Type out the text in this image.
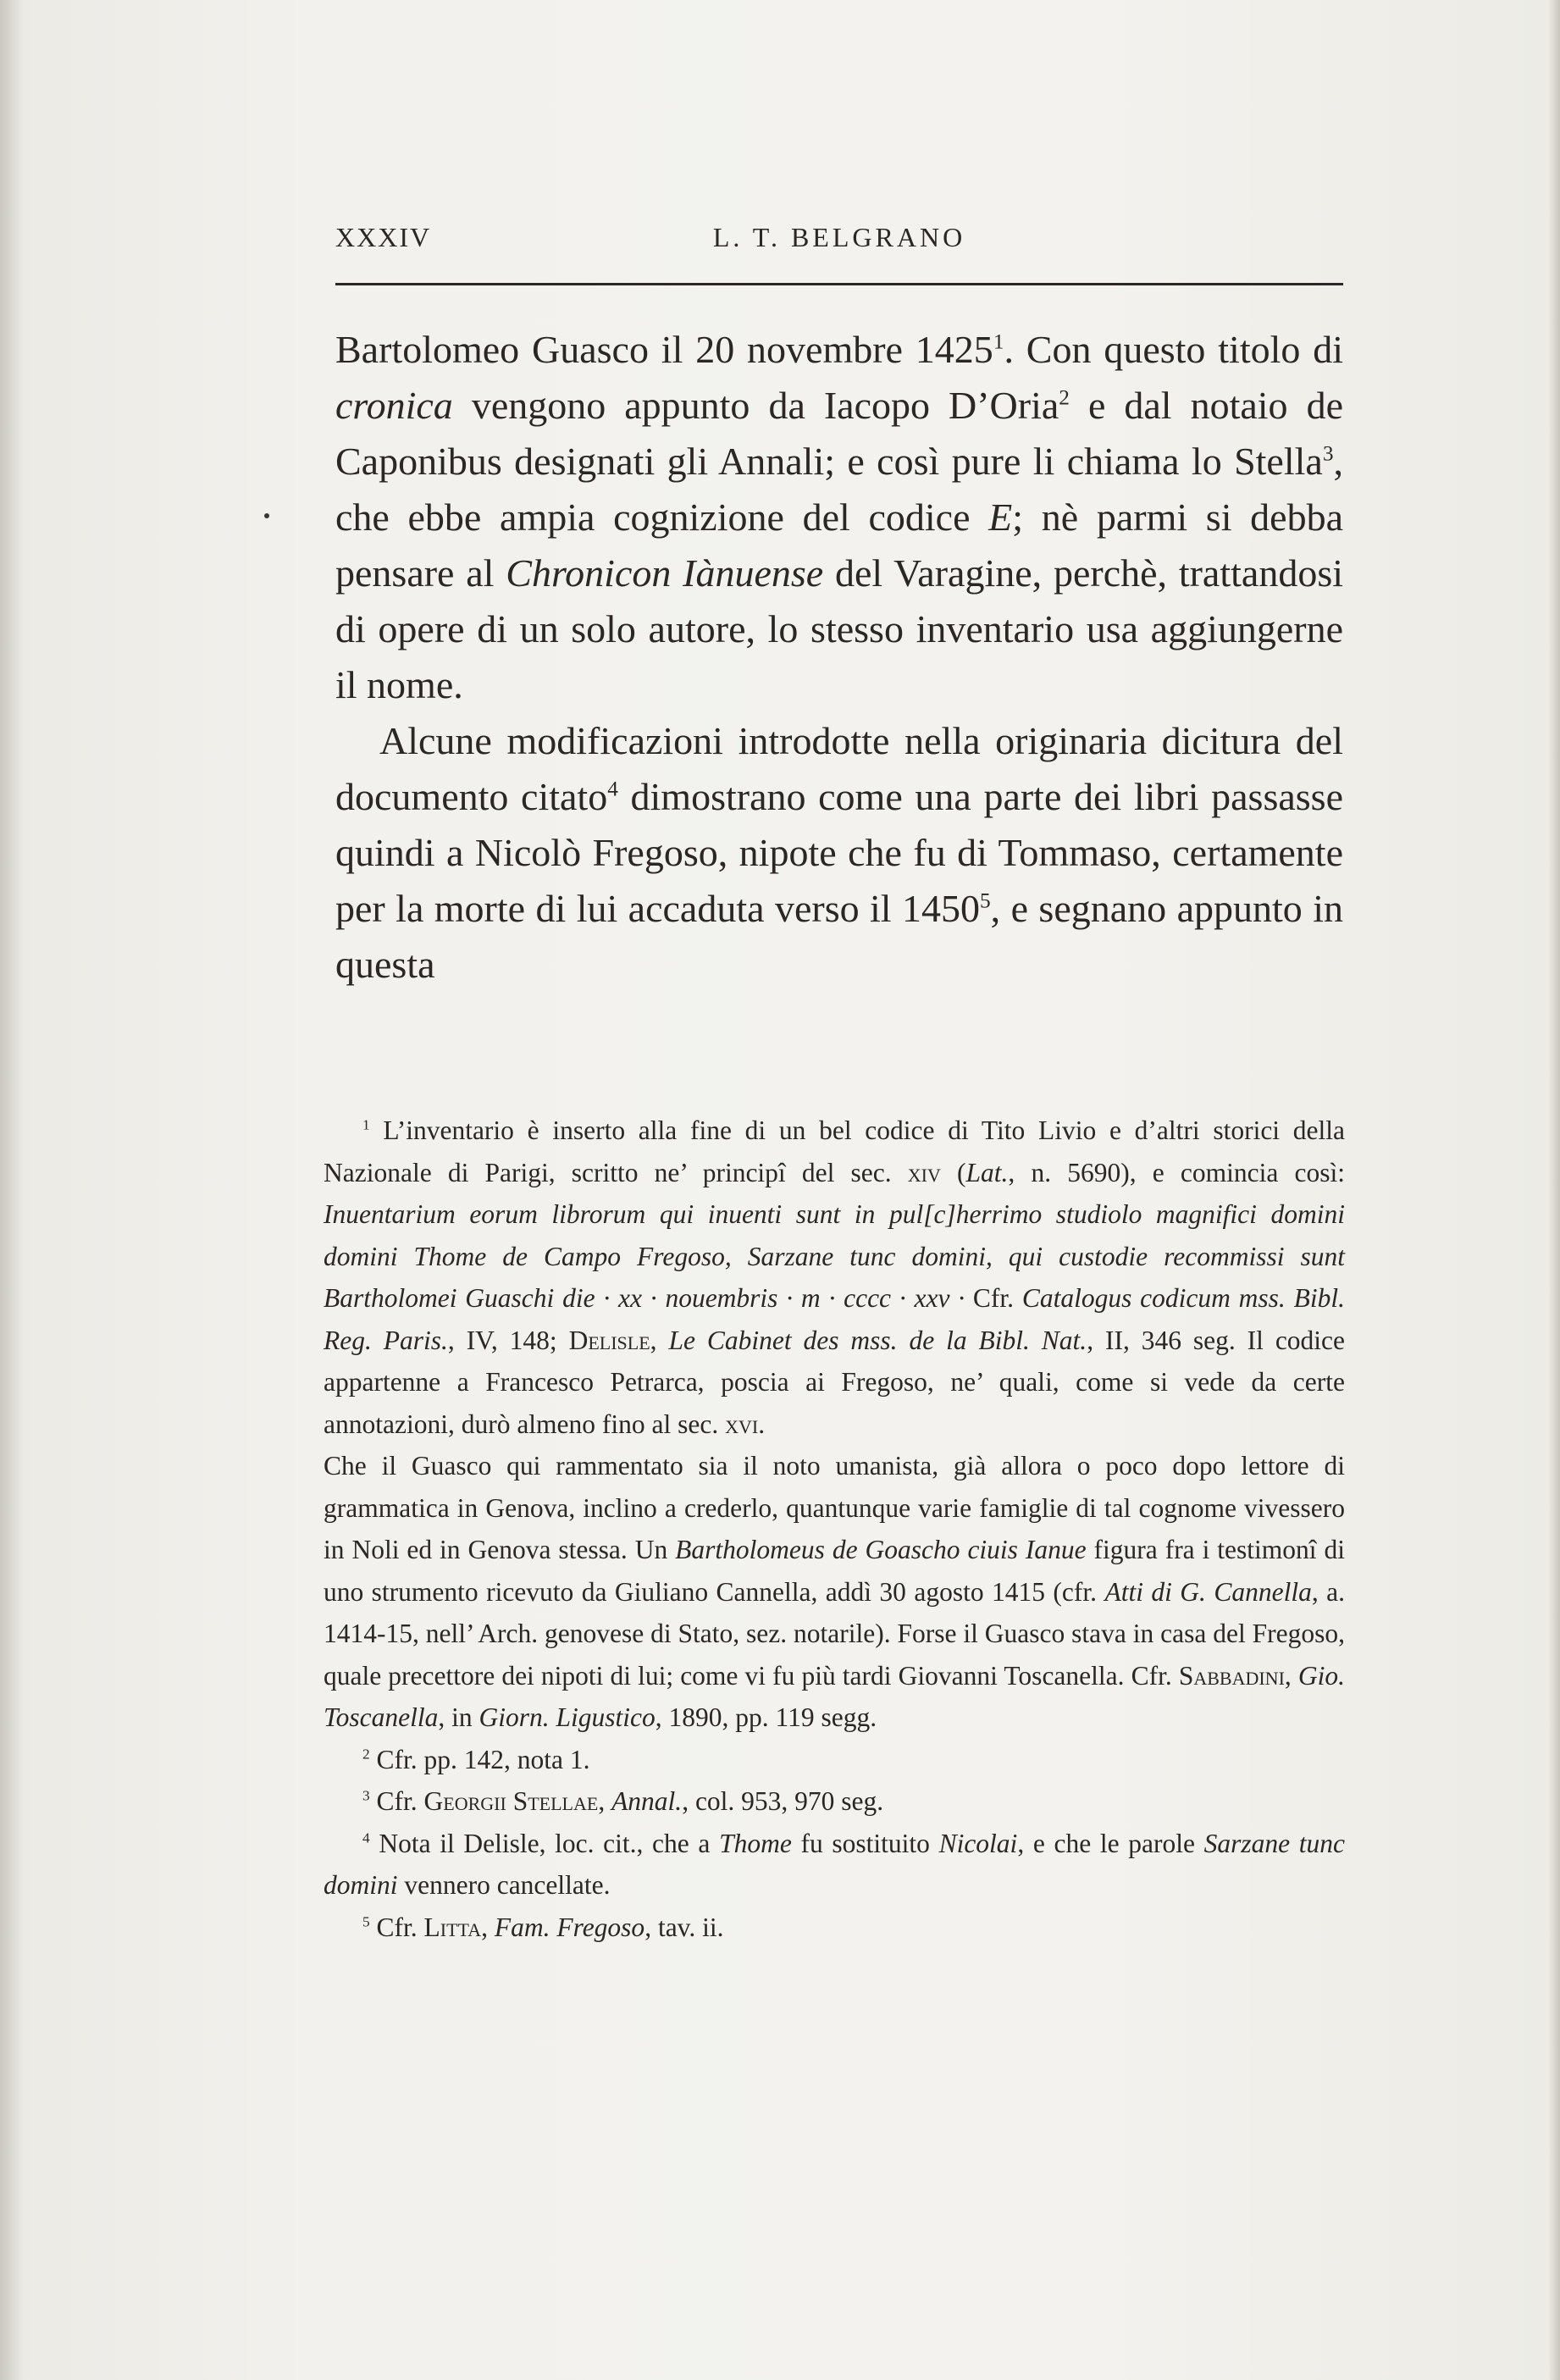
XXXIV	L. T. BELGRANO

Bartolomeo Guasco il 20 novembre 1425$^1$. Con questo titolo di cronica vengono appunto da Iacopo D’Oria$^2$ e dal notaio de Caponibus designati gli Annali; e così pure li chiama lo Stella$^3$, che ebbe ampia cognizione del codice E; nè parmi si debba pensare al Chronicon Iànuense del Varagine, perchè, trattandosi di opere di un solo autore, lo stesso inventario usa aggiungerne il nome.

Alcune modificazioni introdotte nella originaria dicitura del documento citato$^4$ dimostrano come una parte dei libri passasse quindi a Nicolò Fregoso, nipote che fu di Tommaso, certamente per la morte di lui accaduta verso il 1450$^5$, e segnano appunto in questa

$^1$ L’inventario è inserto alla fine di un bel codice di Tito Livio e d’altri storici della Nazionale di Parigi, scritto ne’ principî del sec. xiv (Lat., n. 5690), e comincia così: Inuentarium eorum librorum qui inuenti sunt in pul[c]herrimo studiolo magnifici domini domini Thome de Campo Fregoso, Sarzane tunc domini, qui custodie recommissi sunt Bartholomei Guaschi die · xx · nouembris · m · cccc · xxv · Cfr. Catalogus codicum mss. Bibl. Reg. Paris., IV, 148; Delisle, Le Cabinet des mss. de la Bibl. Nat., II, 346 seg. Il codice appartenne a Francesco Petrarca, poscia ai Fregoso, ne’ quali, come si vede da certe annotazioni, durò almeno fino al sec. xvi.

Che il Guasco qui rammentato sia il noto umanista, già allora o poco dopo lettore di grammatica in Genova, inclino a crederlo, quantunque varie famiglie di tal cognome vivessero in Noli ed in Genova stessa. Un Bartholomeus de Goascho ciuis Ianue figura fra i testimonî di uno strumento ricevuto da Giuliano Cannella, addì 30 agosto 1415 (cfr. Atti di G. Cannella, a. 1414-15, nell’ Arch. genovese di Stato, sez. notarile). Forse il Guasco stava in casa del Fregoso, quale precettore dei nipoti di lui; come vi fu più tardi Giovanni Toscanella. Cfr. Sabbadini, Gio. Toscanella, in Giorn. Ligustico, 1890, pp. 119 segg.

$^2$ Cfr. pp. 142, nota 1.

$^3$ Cfr. Georgii Stellae, Annal., col. 953, 970 seg.

$^4$ Nota il Delisle, loc. cit., che a Thome fu sostituito Nicolai, e che le parole Sarzane tunc domini vennero cancellate.

$^5$ Cfr. Litta, Fam. Fregoso, tav. ii.
